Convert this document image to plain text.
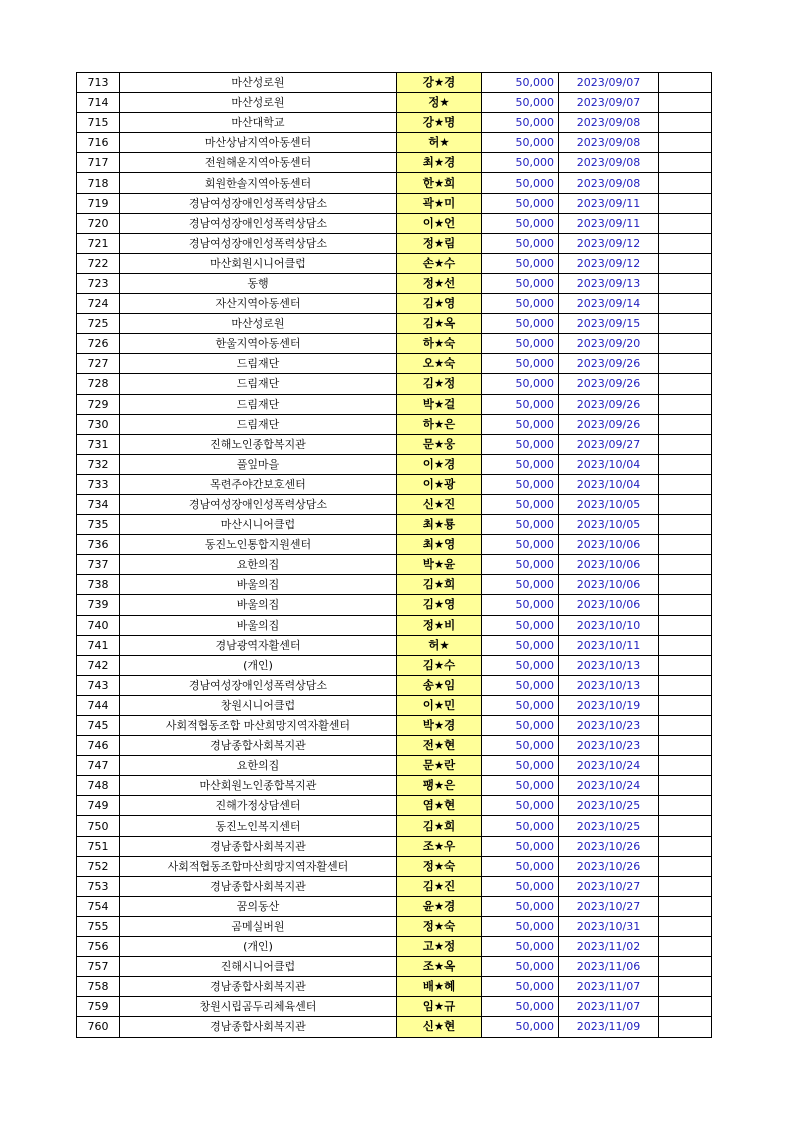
713	마산성로원	강★경	50,000	2023/09/07	
714	마산성로원	정★	50,000	2023/09/07	
715	마산대학교	강★명	50,000	2023/09/08	
716	마산상남지역아동센터	허★	50,000	2023/09/08	
717	전원해운지역아동센터	최★경	50,000	2023/09/08	
718	회원한솔지역아동센터	한★희	50,000	2023/09/08	
719	경남여성장애인성폭력상담소	곽★미	50,000	2023/09/11	
720	경남여성장애인성폭력상담소	이★언	50,000	2023/09/11	
721	경남여성장애인성폭력상담소	정★림	50,000	2023/09/12	
722	마산회원시니어클럽	손★수	50,000	2023/09/12	
723	동행	정★선	50,000	2023/09/13	
724	자산지역아동센터	김★영	50,000	2023/09/14	
725	마산성로원	김★옥	50,000	2023/09/15	
726	한울지역아동센터	하★숙	50,000	2023/09/20	
727	드림재단	오★숙	50,000	2023/09/26	
728	드림재단	김★정	50,000	2023/09/26	
729	드림재단	박★걸	50,000	2023/09/26	
730	드림재단	하★은	50,000	2023/09/26	
731	진해노인종합복지관	문★웅	50,000	2023/09/27	
732	풀잎마을	이★경	50,000	2023/10/04	
733	목련주야간보호센터	이★광	50,000	2023/10/04	
734	경남여성장애인성폭력상담소	신★진	50,000	2023/10/05	
735	마산시니어클럽	최★룡	50,000	2023/10/05	
736	동진노인통합지원센터	최★영	50,000	2023/10/06	
737	요한의집	박★윤	50,000	2023/10/06	
738	바울의집	김★희	50,000	2023/10/06	
739	바울의집	김★영	50,000	2023/10/06	
740	바울의집	정★비	50,000	2023/10/10	
741	경남광역자활센터	허★	50,000	2023/10/11	
742	(개인)	김★수	50,000	2023/10/13	
743	경남여성장애인성폭력상담소	송★임	50,000	2023/10/13	
744	창원시니어클럽	이★민	50,000	2023/10/19	
745	사회적협동조합 마산희망지역자활센터	박★경	50,000	2023/10/23	
746	경남종합사회복지관	전★현	50,000	2023/10/23	
747	요한의집	문★란	50,000	2023/10/24	
748	마산회원노인종합복지관	팽★은	50,000	2023/10/24	
749	진해가정상담센터	염★현	50,000	2023/10/25	
750	동진노인복지센터	김★희	50,000	2023/10/25	
751	경남종합사회복지관	조★우	50,000	2023/10/26	
752	사회적협동조합마산희망지역자활센터	정★숙	50,000	2023/10/26	
753	경남종합사회복지관	김★진	50,000	2023/10/27	
754	꿈의동산	윤★경	50,000	2023/10/27	
755	곰메실버원	정★숙	50,000	2023/10/31	
756	(개인)	고★정	50,000	2023/11/02	
757	진해시니어클럽	조★옥	50,000	2023/11/06	
758	경남종합사회복지관	배★혜	50,000	2023/11/07	
759	창원시립곰두리체육센터	임★규	50,000	2023/11/07	
760	경남종합사회복지관	신★현	50,000	2023/11/09	
